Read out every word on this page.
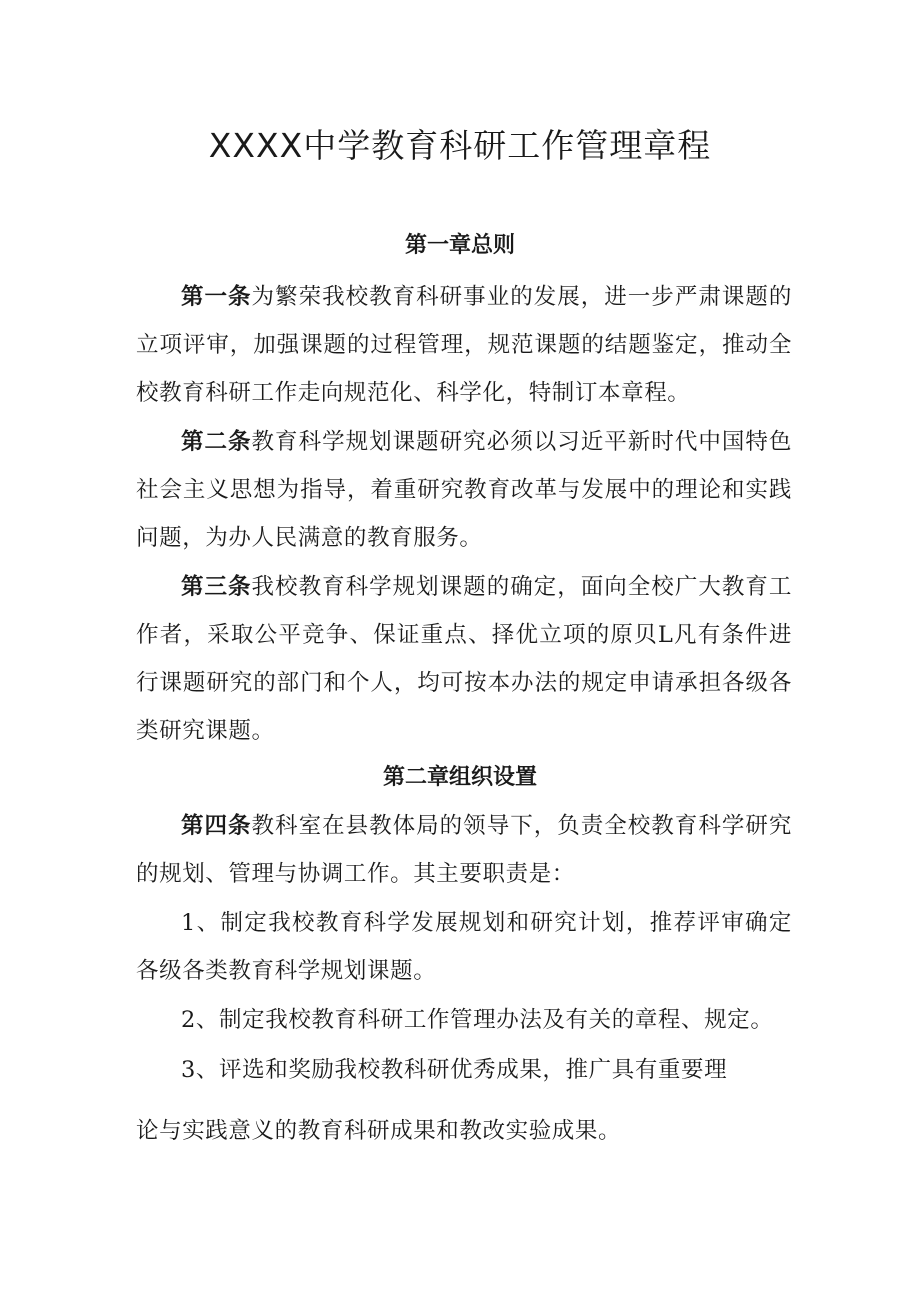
XXXX中学教育科研工作管理章程
第一章总则

第一条为繁荣我校教育科研事业的发展，进一步严肃课题的立项评审，加强课题的过程管理，规范课题的结题鉴定，推动全校教育科研工作走向规范化、科学化，特制订本章程。

第二条教育科学规划课题研究必须以习近平新时代中国特色社会主义思想为指导，着重研究教育改革与发展中的理论和实践问题，为办人民满意的教育服务。

第三条我校教育科学规划课题的确定，面向全校广大教育工作者，采取公平竞争、保证重点、择优立项的原贝L凡有条件进行课题研究的部门和个人，均可按本办法的规定申请承担各级各类研究课题。

第二章组织设置

第四条教科室在县教体局的领导下，负责全校教育科学研究的规划、管理与协调工作。其主要职责是：

1、制定我校教育科学发展规划和研究计划，推荐评审确定各级各类教育科学规划课题。

2、制定我校教育科研工作管理办法及有关的章程、规定。

3、评选和奖励我校教科研优秀成果，推广具有重要理

论与实践意义的教育科研成果和教改实验成果。
